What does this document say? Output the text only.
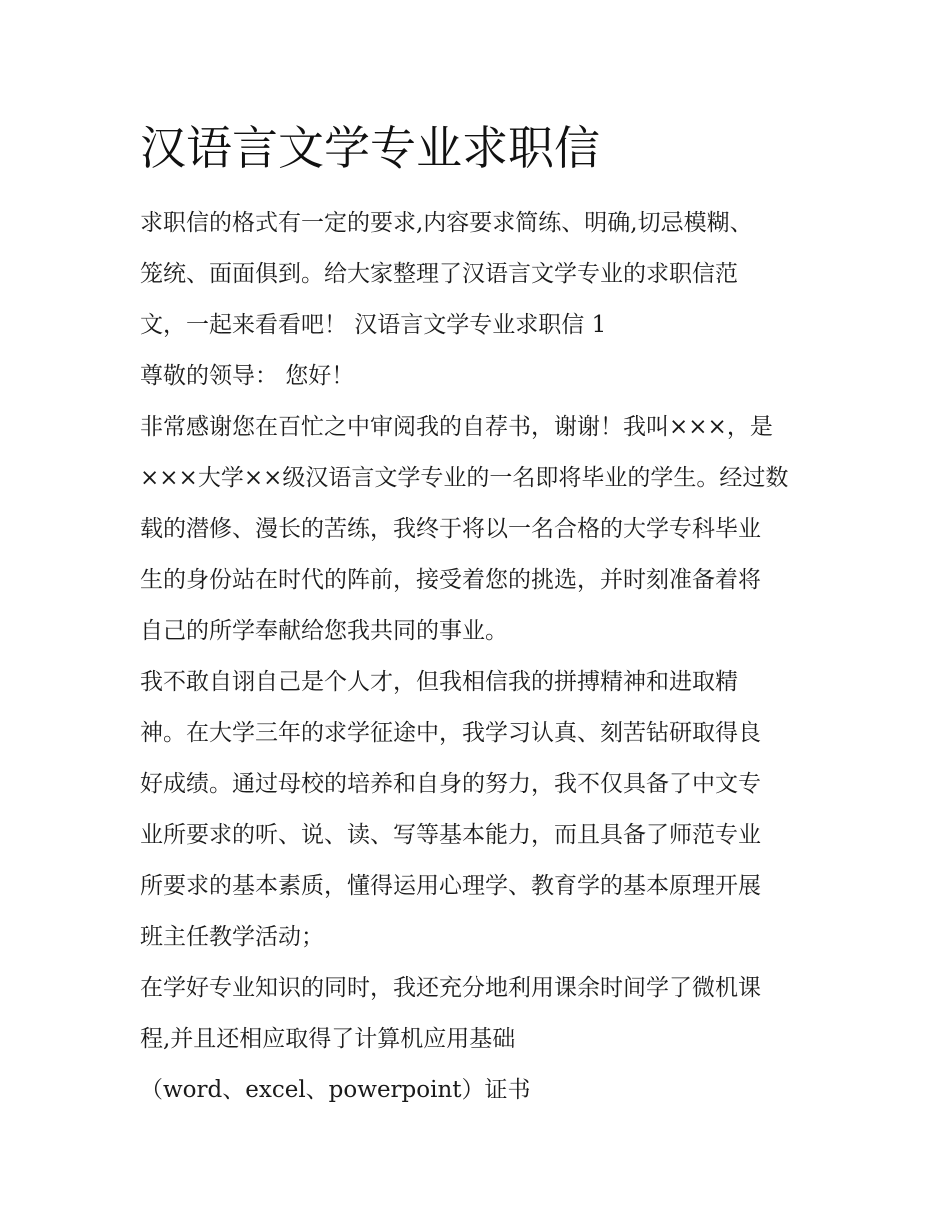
汉语言文学专业求职信
求职信的格式有一定的要求,内容要求简练、明确,切忌模糊、
笼统、面面俱到。给大家整理了汉语言文学专业的求职信范
文，一起来看看吧！ 汉语言文学专业求职信 1
尊敬的领导： 您好！
非常感谢您在百忙之中审阅我的自荐书，谢谢！我叫×××，是
×××大学××级汉语言文学专业的一名即将毕业的学生。经过数
载的潜修、漫长的苦练，我终于将以一名合格的大学专科毕业
生的身份站在时代的阵前，接受着您的挑选，并时刻准备着将
自己的所学奉献给您我共同的事业。
我不敢自诩自己是个人才，但我相信我的拼搏精神和进取精
神。在大学三年的求学征途中，我学习认真、刻苦钻研取得良
好成绩。通过母校的培养和自身的努力，我不仅具备了中文专
业所要求的听、说、读、写等基本能力，而且具备了师范专业
所要求的基本素质，懂得运用心理学、教育学的基本原理开展
班主任教学活动；
在学好专业知识的同时，我还充分地利用课余时间学了微机课
程,并且还相应取得了计算机应用基础
（word、excel、powerpoint）证书
